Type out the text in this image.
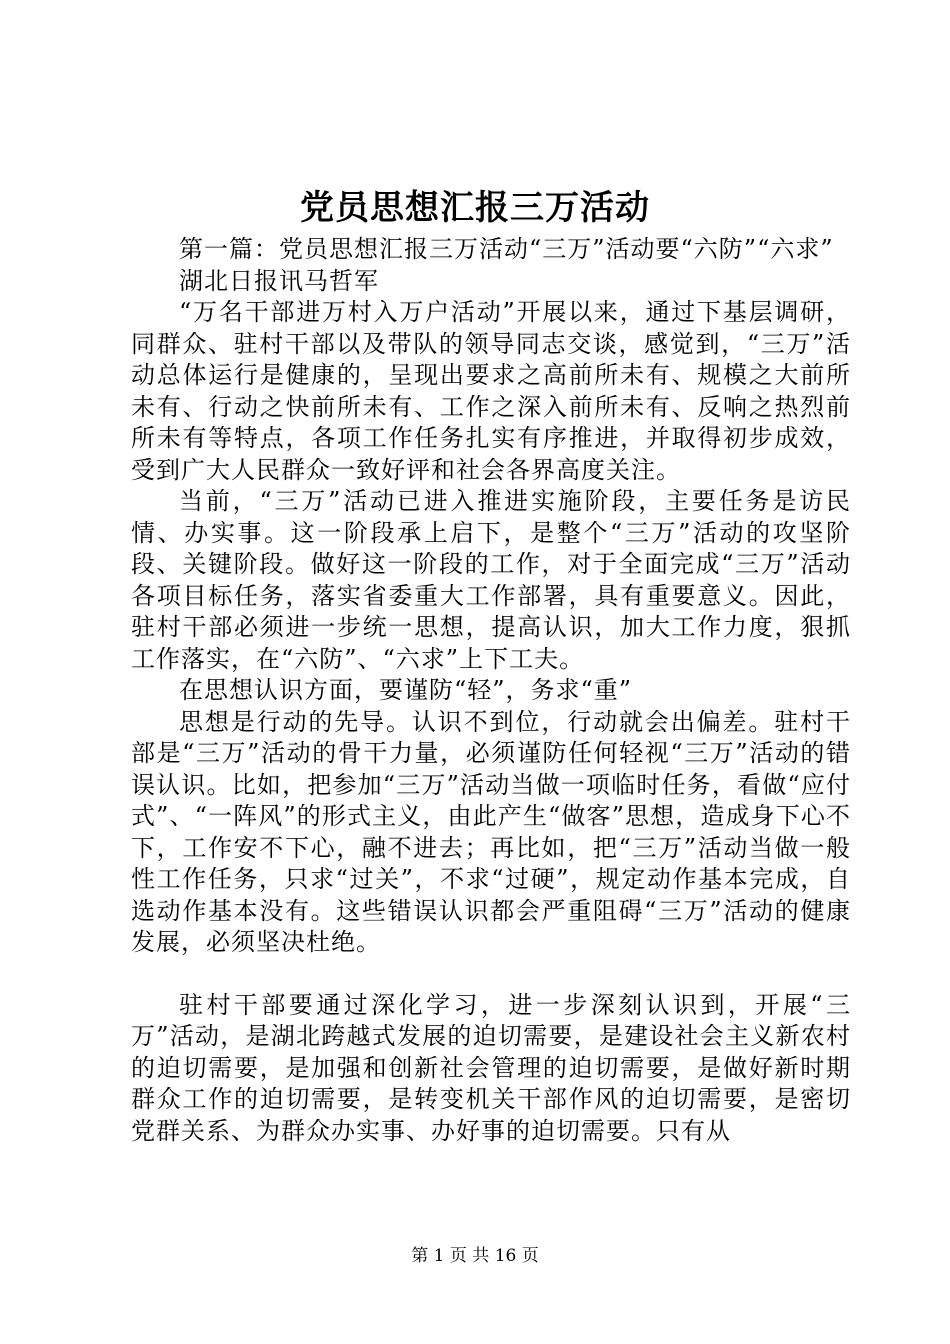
党员思想汇报三万活动

第一篇：党员思想汇报三万活动“三万”活动要“六防”“六求”

湖北日报讯马哲军

“万名干部进万村入万户活动”开展以来，通过下基层调研，同群众、驻村干部以及带队的领导同志交谈，感觉到，“三万”活动总体运行是健康的，呈现出要求之高前所未有、规模之大前所未有、行动之快前所未有、工作之深入前所未有、反响之热烈前所未有等特点，各项工作任务扎实有序推进，并取得初步成效，受到广大人民群众一致好评和社会各界高度关注。

当前，“三万”活动已进入推进实施阶段，主要任务是访民情、办实事。这一阶段承上启下，是整个“三万”活动的攻坚阶段、关键阶段。做好这一阶段的工作，对于全面完成“三万”活动各项目标任务，落实省委重大工作部署，具有重要意义。因此，驻村干部必须进一步统一思想，提高认识，加大工作力度，狠抓工作落实，在“六防”、“六求”上下工夫。

在思想认识方面，要谨防“轻”，务求“重”

思想是行动的先导。认识不到位，行动就会出偏差。驻村干部是“三万”活动的骨干力量，必须谨防任何轻视“三万”活动的错误认识。比如，把参加“三万”活动当做一项临时任务，看做“应付式”、“一阵风”的形式主义，由此产生“做客”思想，造成身下心不下，工作安不下心，融不进去；再比如，把“三万”活动当做一般性工作任务，只求“过关”，不求“过硬”，规定动作基本完成，自选动作基本没有。这些错误认识都会严重阻碍“三万”活动的健康发展，必须坚决杜绝。

驻村干部要通过深化学习，进一步深刻认识到，开展“三万”活动，是湖北跨越式发展的迫切需要，是建设社会主义新农村的迫切需要，是加强和创新社会管理的迫切需要，是做好新时期群众工作的迫切需要，是转变机关干部作风的迫切需要，是密切党群关系、为群众办实事、办好事的迫切需要。只有从

第 1 页 共 16 页
